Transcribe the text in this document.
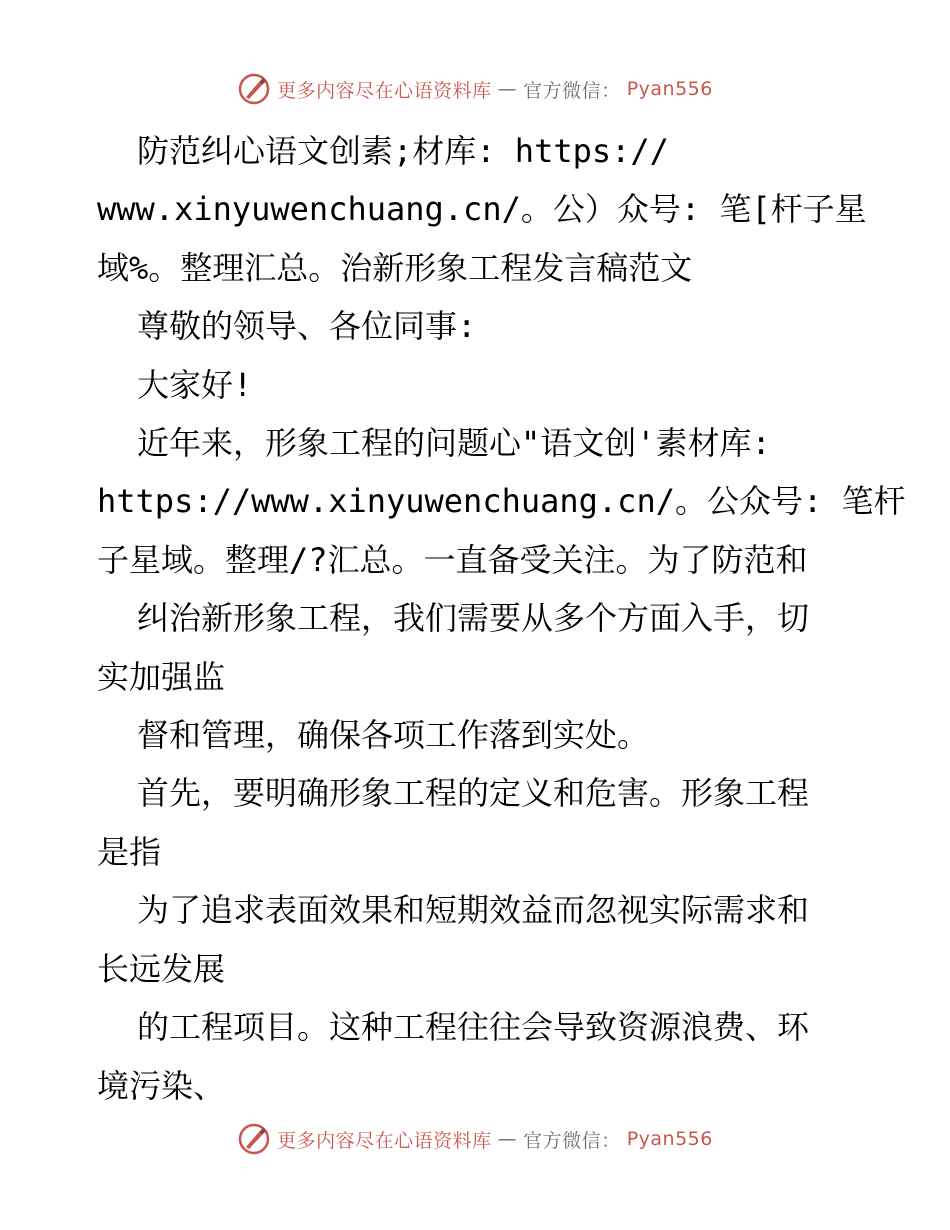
更多内容尽在心语资料库 — 官方微信： Pyan556

防范纠心语文创素;材库: https://

www.xinyuwenchuang.cn/。公）众号: 笔[杆子星

域%。整理汇总。治新形象工程发言稿范文

尊敬的领导、各位同事:

大家好!

近年来，形象工程的问题心"语文创'素材库:

https://www.xinyuwenchuang.cn/。公众号: 笔杆

子星域。整理/?汇总。一直备受关注。为了防范和

纠治新形象工程，我们需要从多个方面入手，切

实加强监

督和管理，确保各项工作落到实处。

首先，要明确形象工程的定义和危害。形象工程

是指

为了追求表面效果和短期效益而忽视实际需求和

长远发展

的工程项目。这种工程往往会导致资源浪费、环

境污染、

更多内容尽在心语资料库 — 官方微信： Pyan556
